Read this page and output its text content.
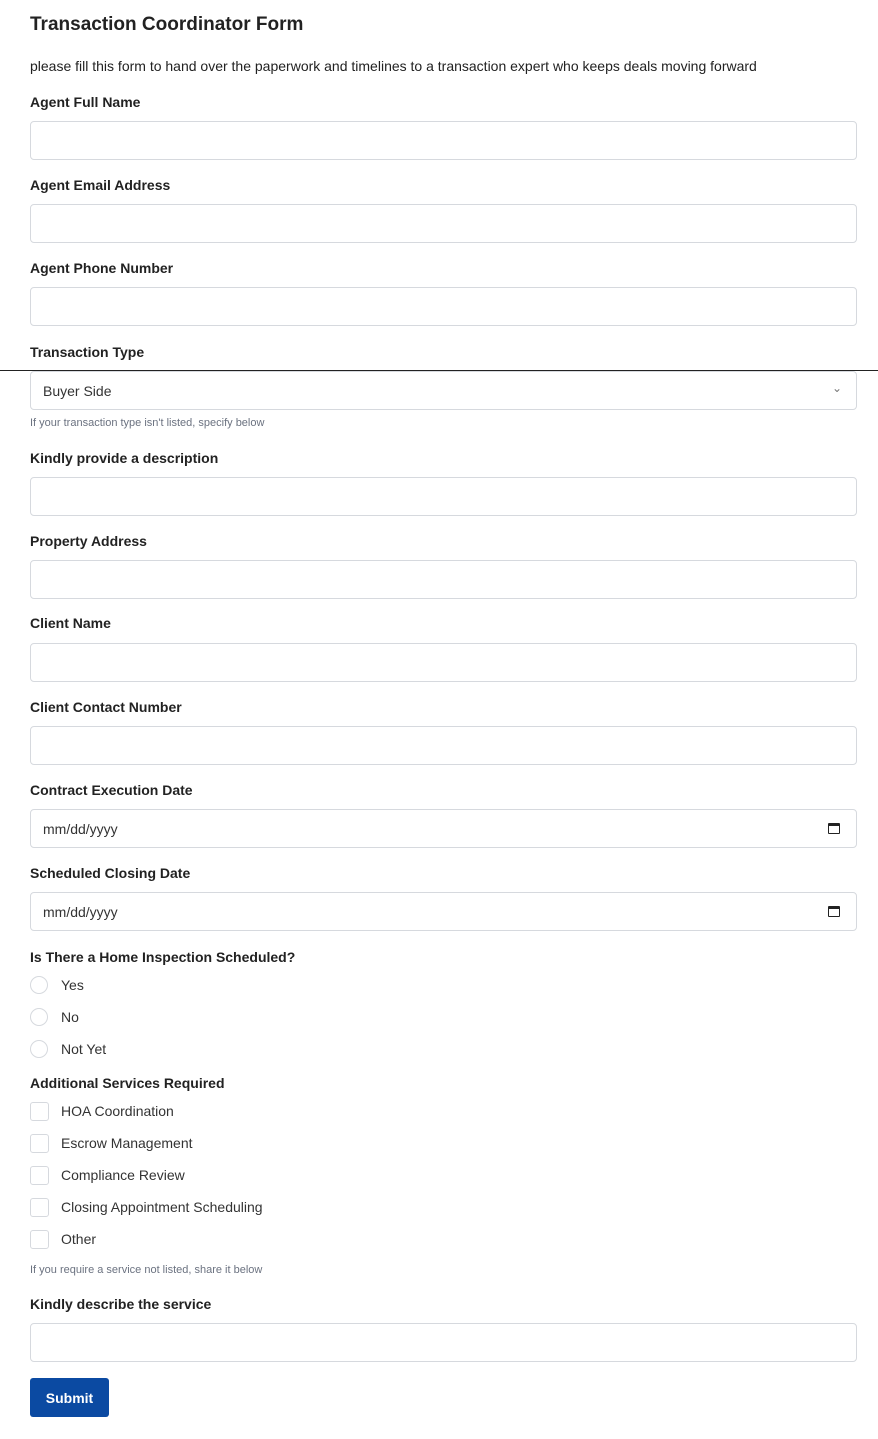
Transaction Coordinator Form
please fill this form to hand over the paperwork and timelines to a transaction expert who keeps deals moving forward
Agent Full Name
Agent Email Address
Agent Phone Number
Transaction Type
Buyer Side	⌄
If your transaction type isn't listed, specify below
Kindly provide a description
Property Address
Client Name
Client Contact Number
Contract Execution Date
mm/dd/yyyy
Scheduled Closing Date
mm/dd/yyyy
Is There a Home Inspection Scheduled?
Yes
No
Not Yet
Additional Services Required
HOA Coordination
Escrow Management
Compliance Review
Closing Appointment Scheduling
Other
If you require a service not listed, share it below
Kindly describe the service
Submit
